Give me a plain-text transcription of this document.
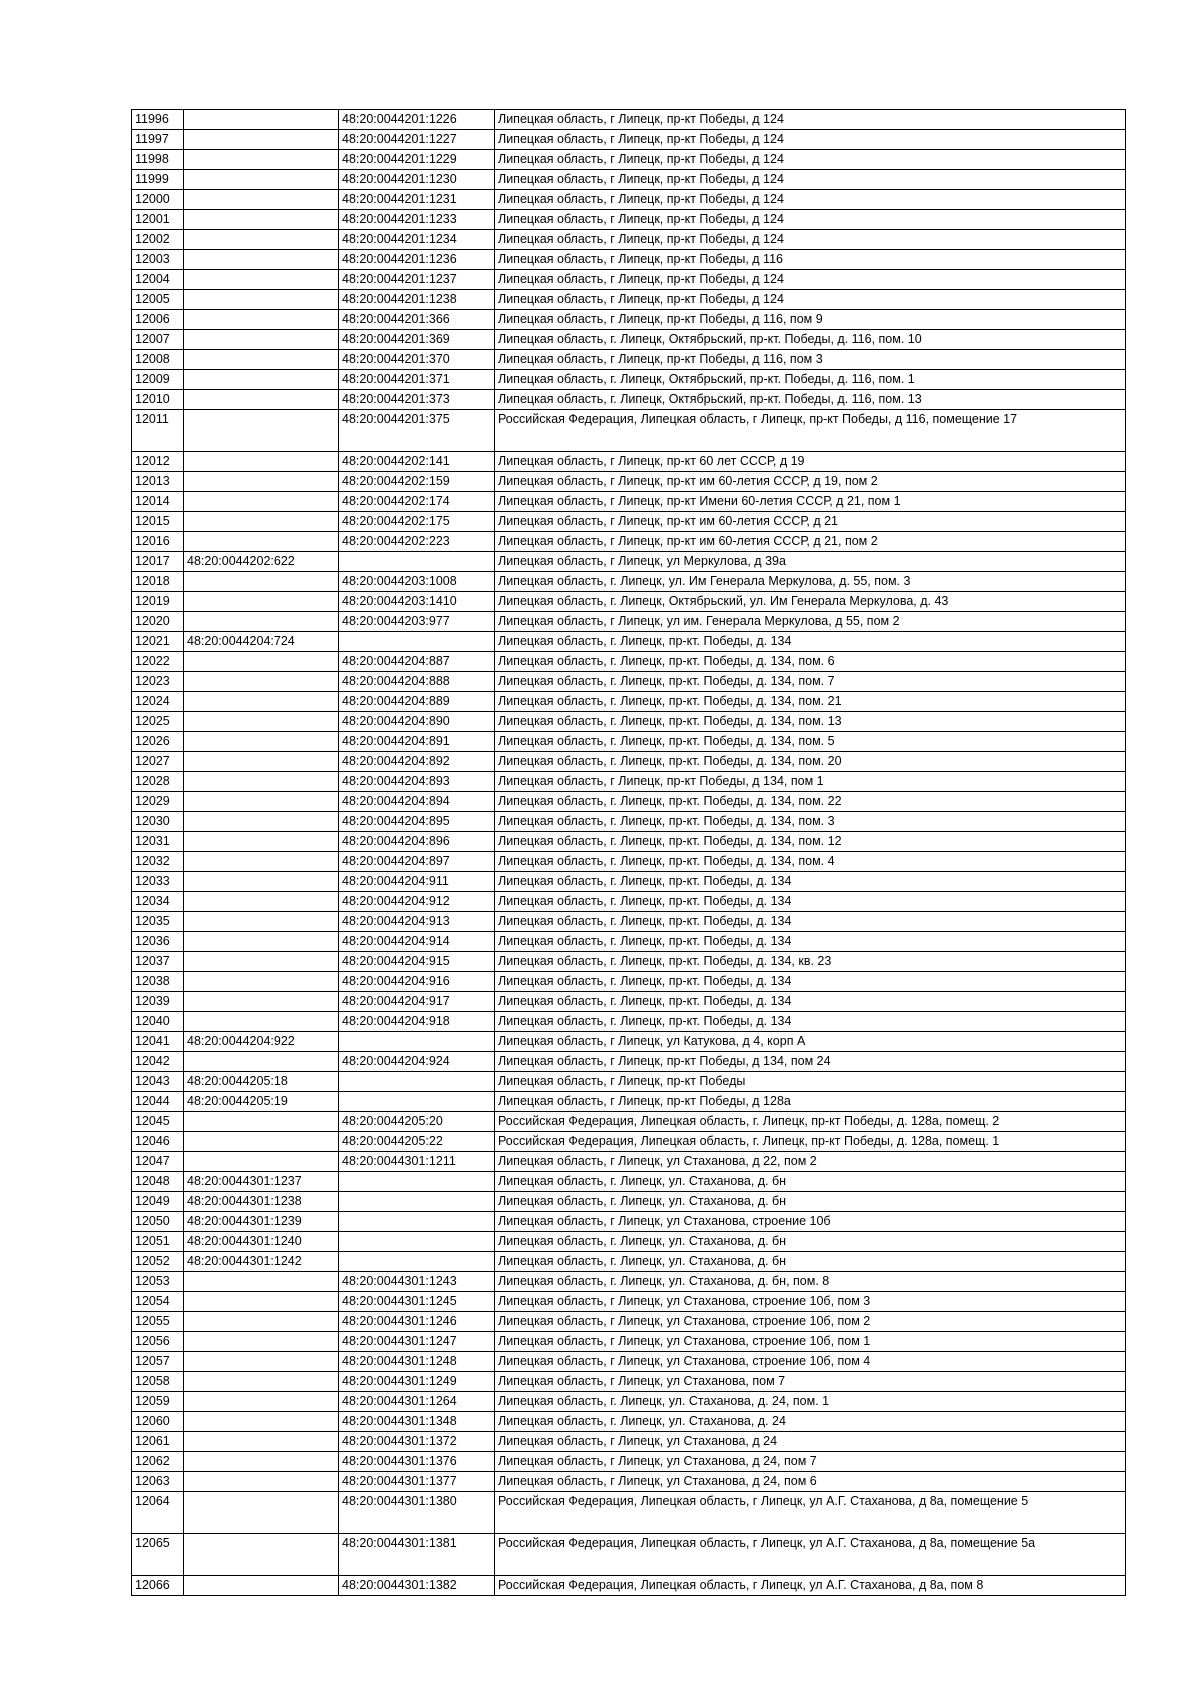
11996		48:20:0044201:1226	Липецкая область, г Липецк, пр-кт Победы, д 124
11997		48:20:0044201:1227	Липецкая область, г Липецк, пр-кт Победы, д 124
11998		48:20:0044201:1229	Липецкая область, г Липецк, пр-кт Победы, д 124
11999		48:20:0044201:1230	Липецкая область, г Липецк, пр-кт Победы, д 124
12000		48:20:0044201:1231	Липецкая область, г Липецк, пр-кт Победы, д 124
12001		48:20:0044201:1233	Липецкая область, г Липецк, пр-кт Победы, д 124
12002		48:20:0044201:1234	Липецкая область, г Липецк, пр-кт Победы, д 124
12003		48:20:0044201:1236	Липецкая область, г Липецк, пр-кт Победы, д 116
12004		48:20:0044201:1237	Липецкая область, г Липецк, пр-кт Победы, д 124
12005		48:20:0044201:1238	Липецкая область, г Липецк, пр-кт Победы, д 124
12006		48:20:0044201:366	Липецкая область, г Липецк, пр-кт Победы, д 116, пом 9
12007		48:20:0044201:369	Липецкая область, г. Липецк, Октябрьский, пр-кт. Победы, д. 116, пом. 10
12008		48:20:0044201:370	Липецкая область, г Липецк, пр-кт Победы, д 116, пом 3
12009		48:20:0044201:371	Липецкая область, г. Липецк, Октябрьский, пр-кт. Победы, д. 116, пом. 1
12010		48:20:0044201:373	Липецкая область, г. Липецк, Октябрьский, пр-кт. Победы, д. 116, пом. 13
12011		48:20:0044201:375	Российская Федерация, Липецкая область, г Липецк, пр-кт Победы, д 116, помещение 17
12012		48:20:0044202:141	Липецкая область, г Липецк, пр-кт 60 лет СССР, д 19
12013		48:20:0044202:159	Липецкая область, г Липецк, пр-кт им 60-летия СССР, д 19, пом 2
12014		48:20:0044202:174	Липецкая область, г Липецк, пр-кт Имени 60-летия СССР, д 21, пом 1
12015		48:20:0044202:175	Липецкая область, г Липецк, пр-кт им 60-летия СССР, д 21
12016		48:20:0044202:223	Липецкая область, г Липецк, пр-кт им 60-летия СССР, д 21, пом 2
12017	48:20:0044202:622		Липецкая область, г Липецк, ул Меркулова, д 39а
12018		48:20:0044203:1008	Липецкая область, г. Липецк, ул. Им Генерала Меркулова, д. 55, пом. 3
12019		48:20:0044203:1410	Липецкая область, г. Липецк, Октябрьский, ул. Им Генерала Меркулова, д. 43
12020		48:20:0044203:977	Липецкая область, г Липецк, ул им. Генерала Меркулова, д 55, пом 2
12021	48:20:0044204:724		Липецкая область, г. Липецк, пр-кт. Победы, д. 134
12022		48:20:0044204:887	Липецкая область, г. Липецк, пр-кт. Победы, д. 134, пом. 6
12023		48:20:0044204:888	Липецкая область, г. Липецк, пр-кт. Победы, д. 134, пом. 7
12024		48:20:0044204:889	Липецкая область, г. Липецк, пр-кт. Победы, д. 134, пом. 21
12025		48:20:0044204:890	Липецкая область, г. Липецк, пр-кт. Победы, д. 134, пом. 13
12026		48:20:0044204:891	Липецкая область, г. Липецк, пр-кт. Победы, д. 134, пом. 5
12027		48:20:0044204:892	Липецкая область, г. Липецк, пр-кт. Победы, д. 134, пом. 20
12028		48:20:0044204:893	Липецкая область, г Липецк, пр-кт Победы, д 134, пом 1
12029		48:20:0044204:894	Липецкая область, г. Липецк, пр-кт. Победы, д. 134, пом. 22
12030		48:20:0044204:895	Липецкая область, г. Липецк, пр-кт. Победы, д. 134, пом. 3
12031		48:20:0044204:896	Липецкая область, г. Липецк, пр-кт. Победы, д. 134, пом. 12
12032		48:20:0044204:897	Липецкая область, г. Липецк, пр-кт. Победы, д. 134, пом. 4
12033		48:20:0044204:911	Липецкая область, г. Липецк, пр-кт. Победы, д. 134
12034		48:20:0044204:912	Липецкая область, г. Липецк, пр-кт. Победы, д. 134
12035		48:20:0044204:913	Липецкая область, г. Липецк, пр-кт. Победы, д. 134
12036		48:20:0044204:914	Липецкая область, г. Липецк, пр-кт. Победы, д. 134
12037		48:20:0044204:915	Липецкая область, г. Липецк, пр-кт. Победы, д. 134, кв. 23
12038		48:20:0044204:916	Липецкая область, г. Липецк, пр-кт. Победы, д. 134
12039		48:20:0044204:917	Липецкая область, г. Липецк, пр-кт. Победы, д. 134
12040		48:20:0044204:918	Липецкая область, г. Липецк, пр-кт. Победы, д. 134
12041	48:20:0044204:922		Липецкая область, г Липецк, ул Катукова, д 4, корп А
12042		48:20:0044204:924	Липецкая область, г Липецк, пр-кт Победы, д 134, пом 24
12043	48:20:0044205:18		Липецкая область, г Липецк, пр-кт Победы
12044	48:20:0044205:19		Липецкая область, г Липецк, пр-кт Победы, д 128а
12045		48:20:0044205:20	Российская Федерация, Липецкая область, г. Липецк, пр-кт Победы, д. 128а, помещ. 2
12046		48:20:0044205:22	Российская Федерация, Липецкая область, г. Липецк, пр-кт Победы, д. 128а, помещ. 1
12047		48:20:0044301:1211	Липецкая область, г Липецк, ул Стаханова, д 22, пом 2
12048	48:20:0044301:1237		Липецкая область, г. Липецк, ул. Стаханова, д. бн
12049	48:20:0044301:1238		Липецкая область, г. Липецк, ул. Стаханова, д. бн
12050	48:20:0044301:1239		Липецкая область, г Липецк, ул Стаханова, строение 10б
12051	48:20:0044301:1240		Липецкая область, г. Липецк, ул. Стаханова, д. бн
12052	48:20:0044301:1242		Липецкая область, г. Липецк, ул. Стаханова, д. бн
12053		48:20:0044301:1243	Липецкая область, г. Липецк, ул. Стаханова, д. бн, пом. 8
12054		48:20:0044301:1245	Липецкая область, г Липецк, ул Стаханова, строение 10б, пом 3
12055		48:20:0044301:1246	Липецкая область, г Липецк, ул Стаханова, строение 10б, пом 2
12056		48:20:0044301:1247	Липецкая область, г Липецк, ул Стаханова, строение 10б, пом 1
12057		48:20:0044301:1248	Липецкая область, г Липецк, ул Стаханова, строение 10б, пом 4
12058		48:20:0044301:1249	Липецкая область, г Липецк, ул Стаханова, пом 7
12059		48:20:0044301:1264	Липецкая область, г. Липецк, ул. Стаханова, д. 24, пом. 1
12060		48:20:0044301:1348	Липецкая область, г. Липецк, ул. Стаханова, д. 24
12061		48:20:0044301:1372	Липецкая область, г Липецк, ул Стаханова, д 24
12062		48:20:0044301:1376	Липецкая область, г Липецк, ул Стаханова, д 24, пом 7
12063		48:20:0044301:1377	Липецкая область, г Липецк, ул Стаханова, д 24, пом 6
12064		48:20:0044301:1380	Российская Федерация, Липецкая область, г Липецк, ул А.Г. Стаханова, д 8а, помещение 5
12065		48:20:0044301:1381	Российская Федерация, Липецкая область, г Липецк, ул А.Г. Стаханова, д 8а, помещение 5а
12066		48:20:0044301:1382	Российская Федерация, Липецкая область, г Липецк, ул А.Г. Стаханова, д 8а, пом 8
